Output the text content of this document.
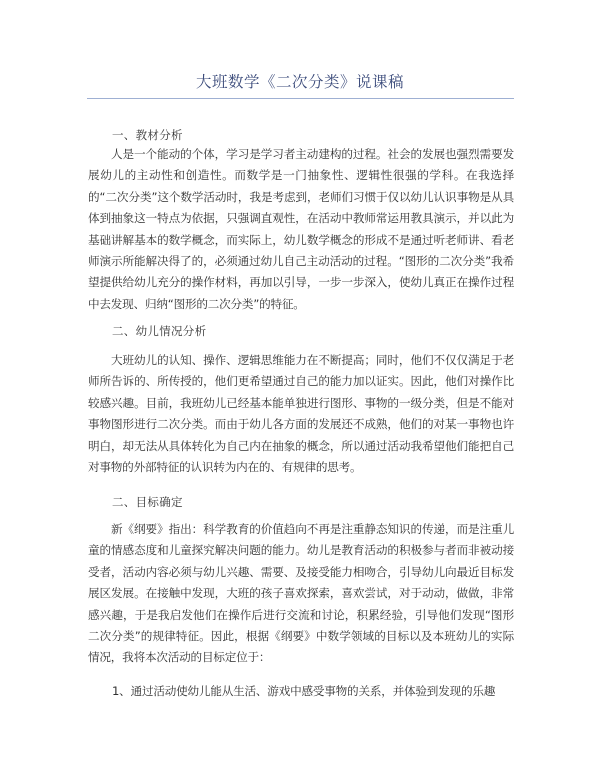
大班数学《二次分类》说课稿
一、教材分析
人是一个能动的个体，学习是学习者主动建构的过程。社会的发展也强烈需要发展幼儿的主动性和创造性。而数学是一门抽象性、逻辑性很强的学科。在我选择的“二次分类”这个数学活动时，我是考虑到，老师们习惯于仅以幼儿认识事物是从具体到抽象这一特点为依据，只强调直观性，在活动中教师常运用教具演示，并以此为基础讲解基本的数学概念，而实际上，幼儿数学概念的形成不是通过听老师讲、看老师演示所能解决得了的，必须通过幼儿自己主动活动的过程。“图形的二次分类”我希望提供给幼儿充分的操作材料，再加以引导，一步一步深入，使幼儿真正在操作过程中去发现、归纳“图形的二次分类”的特征。
二、幼儿情况分析
大班幼儿的认知、操作、逻辑思维能力在不断提高；同时，他们不仅仅满足于老师所告诉的、所传授的，他们更希望通过自己的能力加以证实。因此，他们对操作比较感兴趣。目前，我班幼儿已经基本能单独进行图形、事物的一级分类，但是不能对事物图形进行二次分类。而由于幼儿各方面的发展还不成熟，他们的对某一事物也许明白，却无法从具体转化为自己内在抽象的概念，所以通过活动我希望他们能把自己对事物的外部特征的认识转为内在的、有规律的思考。
二、目标确定
新《纲要》指出：科学教育的价值趋向不再是注重静态知识的传递，而是注重儿童的情感态度和儿童探究解决问题的能力。幼儿是教育活动的积极参与者而非被动接受者，活动内容必须与幼儿兴趣、需要、及接受能力相吻合，引导幼儿向最近目标发展区发展。在接触中发现，大班的孩子喜欢探索，喜欢尝试，对于动动，做做，非常感兴趣，于是我启发他们在操作后进行交流和讨论，积累经验，引导他们发现“图形二次分类”的规律特征。因此，根据《纲要》中数学领域的目标以及本班幼儿的实际情况，我将本次活动的目标定位于：
1、通过活动使幼儿能从生活、游戏中感受事物的关系，并体验到发现的乐趣
